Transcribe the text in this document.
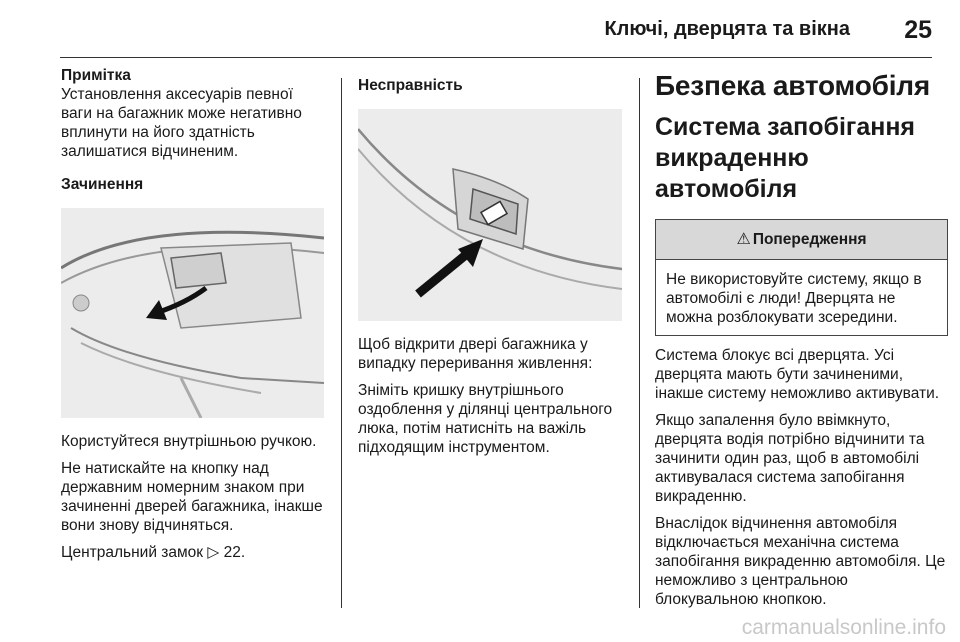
Ключі, дверцята та вікна 25
Примітка
Установлення аксесуарів певної ваги на багажник може негативно вплинути на його здатність залишатися відчиненим.
Зачинення
Користуйтеся внутрішньою ручкою.
Не натискайте на кнопку над державним номерним знаком при зачиненні дверей багажника, інакше вони знову відчиняться.
Центральний замок ▷ 22.
Несправність
Щоб відкрити двері багажника у випадку переривання живлення:
Зніміть кришку внутрішнього оздоблення у ділянці центрального люка, потім натисніть на важіль підходящим інструментом.
Безпека автомобіля
Система запобігання викраденню автомобіля
⚠ Попередження
Не використовуйте систему, якщо в автомобілі є люди! Дверцята не можна розблокувати зсередини.
Система блокує всі дверцята. Усі дверцята мають бути зачиненими, інакше систему неможливо активувати.
Якщо запалення було ввімкнуто, дверцята водія потрібно відчинити та зачинити один раз, щоб в автомобілі активувалася система запобігання викраденню.
Внаслідок відчинення автомобіля відключається механічна система запобігання викраденню автомобіля. Це неможливо з центральною блокувальною кнопкою.
carmanualsonline.info
